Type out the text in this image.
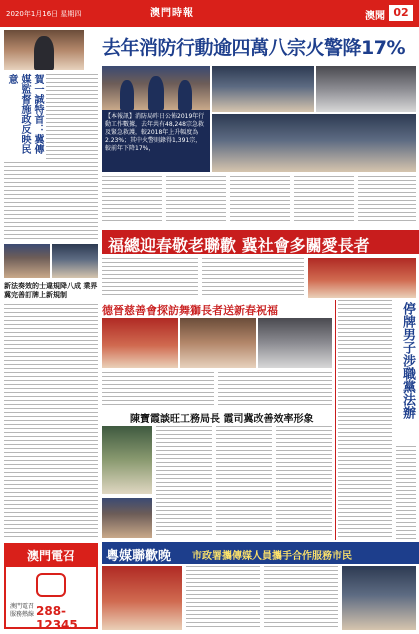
2020年1月16日 星期四	澳門時報	澳聞 02
賀一誠特首：冀傳媒監督施政反映民意
去年消防行動逾四萬八宗火警降17%
【本報訊】消防局昨日公佈2019年行動工作數據，去年共有48,248宗急救及緊急救護，較2018年上升幅度為2.23%；其中火警則錄得1,391宗，較前年下降17%，
福總迎春敬老聯歡 冀社會多關愛長者
新法奏效的士違規降八成 業界冀完善訂牌上新規制
德晉慈善會探訪舞獅長者送新春祝福	停牌男子涉職黨法辦
陳寶霞談旺工務局長 霞司冀改善效率形象
粵媒聯歡晚 市政署攜傳媒人員攜手合作服務市民
澳門電召
澳門電召服務熱線 288-12345
